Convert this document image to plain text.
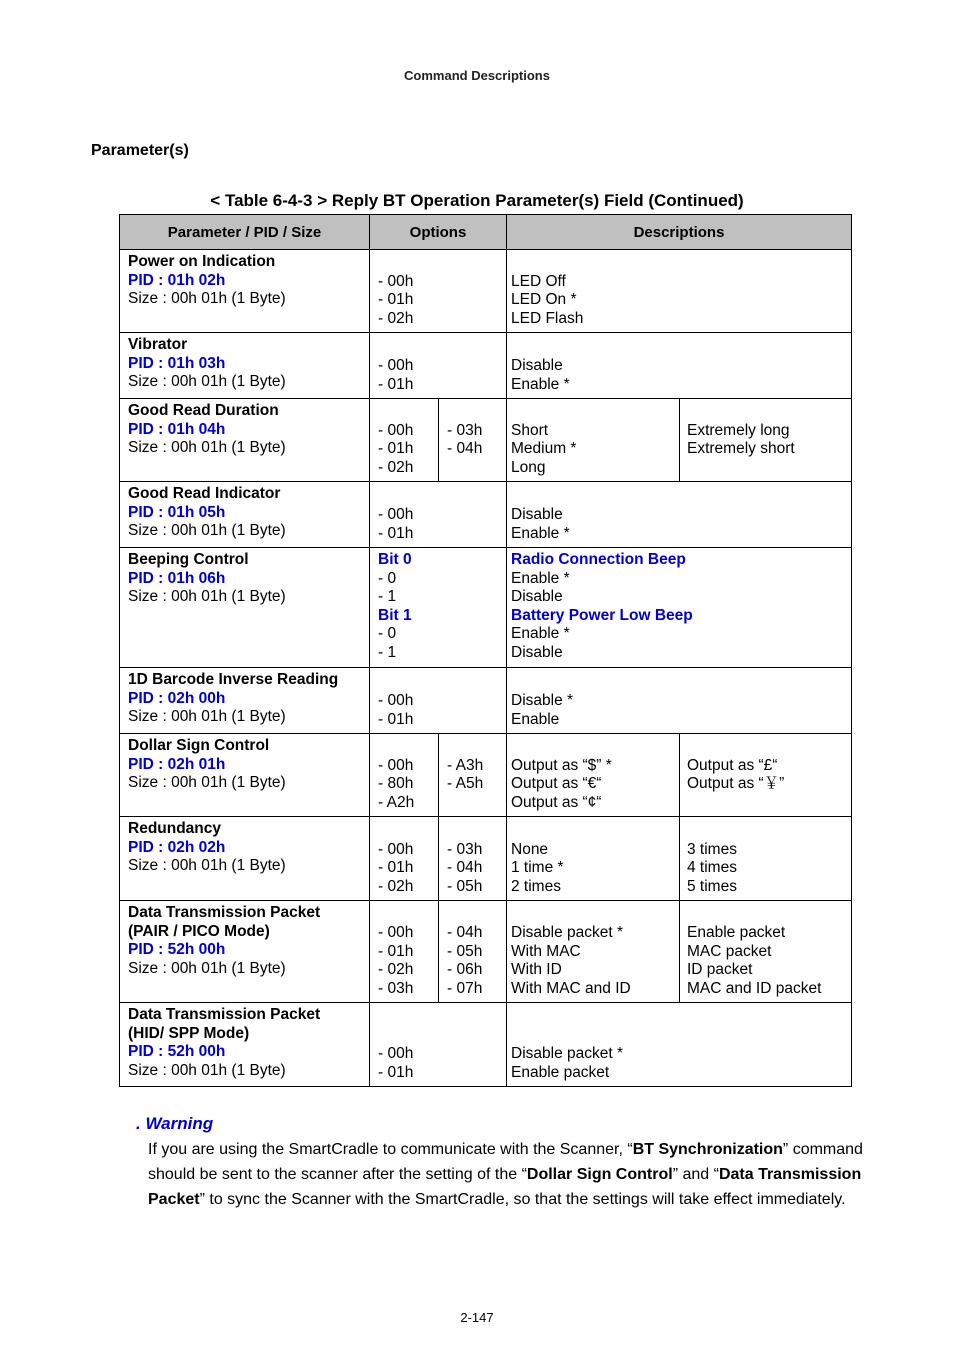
Command Descriptions
Parameter(s)
< Table 6-4-3 > Reply BT Operation Parameter(s) Field (Continued)
Parameter / PID / Size	Options	Descriptions
Power on Indication
PID : 01h 02h
Size : 00h 01h (1 Byte)
- 00h
- 01h
- 02h
LED Off
LED On *
LED Flash
Vibrator
PID : 01h 03h
Size : 00h 01h (1 Byte)
- 00h
- 01h
Disable
Enable *
Good Read Duration
PID : 01h 04h
Size : 00h 01h (1 Byte)
- 00h
- 01h
- 02h
- 03h
- 04h
Short
Medium *
Long
Extremely long
Extremely short
Good Read Indicator
PID : 01h 05h
Size : 00h 01h (1 Byte)
- 00h
- 01h
Disable
Enable *
Beeping Control
PID : 01h 06h
Size : 00h 01h (1 Byte)
Bit 0
- 0
- 1
Bit 1
- 0
- 1
Radio Connection Beep
Enable *
Disable
Battery Power Low Beep
Enable *
Disable
1D Barcode Inverse Reading
PID : 02h 00h
Size : 00h 01h (1 Byte)
- 00h
- 01h
Disable *
Enable
Dollar Sign Control
PID : 02h 01h
Size : 00h 01h (1 Byte)
- 00h
- 80h
- A2h
- A3h
- A5h
Output as “$” *
Output as “€“
Output as “¢“
Output as “£“
Output as “￥”
Redundancy
PID : 02h 02h
Size : 00h 01h (1 Byte)
- 00h
- 01h
- 02h
- 03h
- 04h
- 05h
None
1 time *
2 times
3 times
4 times
5 times
Data Transmission Packet
(PAIR / PICO Mode)
PID : 52h 00h
Size : 00h 01h (1 Byte)
- 00h
- 01h
- 02h
- 03h
- 04h
- 05h
- 06h
- 07h
Disable packet *
With MAC
With ID
With MAC and ID
Enable packet
MAC packet
ID packet
MAC and ID packet
Data Transmission Packet
(HID/ SPP Mode)
PID : 52h 00h
Size : 00h 01h (1 Byte)
- 00h
- 01h
Disable packet *
Enable packet
. Warning
If you are using the SmartCradle to communicate with the Scanner, “BT Synchronization” command should be sent to the scanner after the setting of the “Dollar Sign Control” and “Data Transmission Packet” to sync the Scanner with the SmartCradle, so that the settings will take effect immediately.
2-147
